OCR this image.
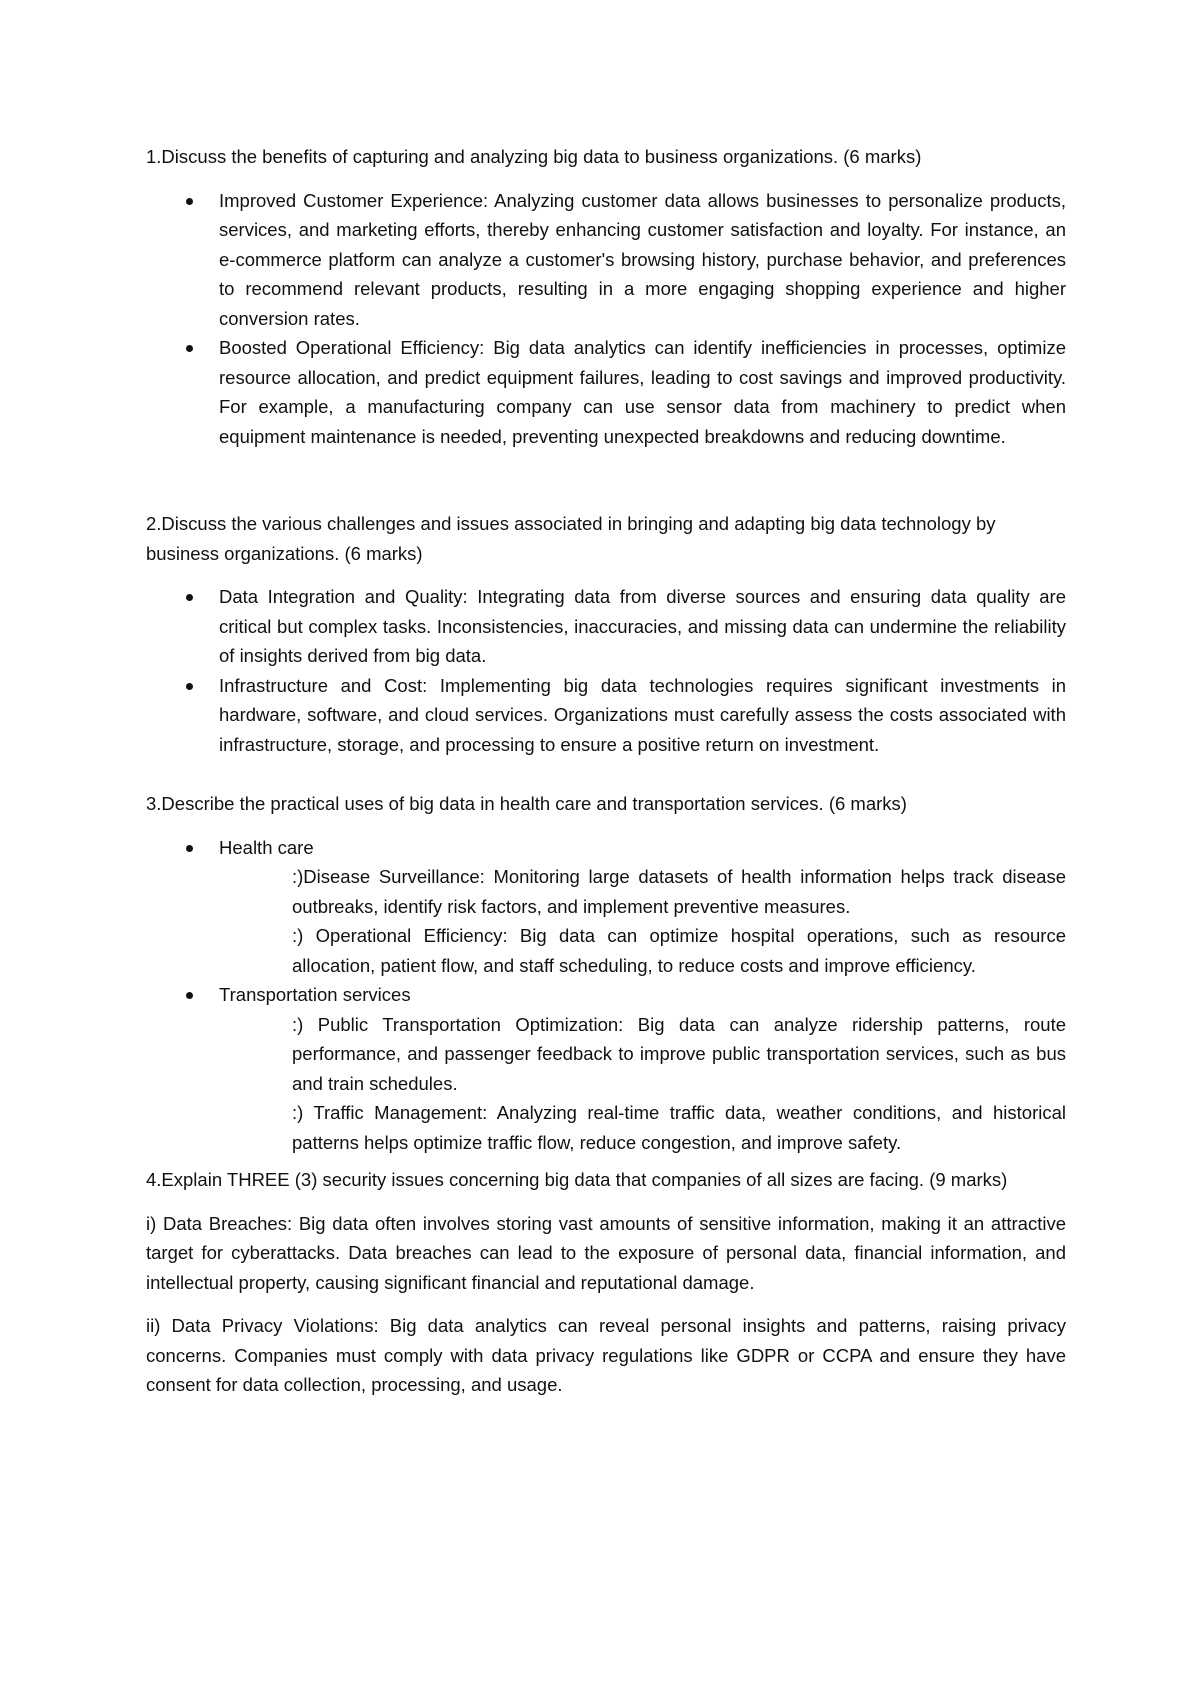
1.Discuss the benefits of capturing and analyzing big data to business organizations. (6 marks)

Improved Customer Experience: Analyzing customer data allows businesses to personalize products, services, and marketing efforts, thereby enhancing customer satisfaction and loyalty. For instance, an e-commerce platform can analyze a customer's browsing history, purchase behavior, and preferences to recommend relevant products, resulting in a more engaging shopping experience and higher conversion rates.
Boosted Operational Efficiency: Big data analytics can identify inefficiencies in processes, optimize resource allocation, and predict equipment failures, leading to cost savings and improved productivity. For example, a manufacturing company can use sensor data from machinery to predict when equipment maintenance is needed, preventing unexpected breakdowns and reducing downtime.

2.Discuss the various challenges and issues associated in bringing and adapting big data technology by business organizations. (6 marks)

Data Integration and Quality: Integrating data from diverse sources and ensuring data quality are critical but complex tasks. Inconsistencies, inaccuracies, and missing data can undermine the reliability of insights derived from big data.
Infrastructure and Cost: Implementing big data technologies requires significant investments in hardware, software, and cloud services. Organizations must carefully assess the costs associated with infrastructure, storage, and processing to ensure a positive return on investment.

3.Describe the practical uses of big data in health care and transportation services. (6 marks)

Health care
:)Disease Surveillance: Monitoring large datasets of health information helps track disease outbreaks, identify risk factors, and implement preventive measures.
:) Operational Efficiency: Big data can optimize hospital operations, such as resource allocation, patient flow, and staff scheduling, to reduce costs and improve efficiency.
Transportation services
:) Public Transportation Optimization: Big data can analyze ridership patterns, route performance, and passenger feedback to improve public transportation services, such as bus and train schedules.
:) Traffic Management: Analyzing real-time traffic data, weather conditions, and historical patterns helps optimize traffic flow, reduce congestion, and improve safety.

4.Explain THREE (3) security issues concerning big data that companies of all sizes are facing. (9 marks)

i) Data Breaches: Big data often involves storing vast amounts of sensitive information, making it an attractive target for cyberattacks. Data breaches can lead to the exposure of personal data, financial information, and intellectual property, causing significant financial and reputational damage.

ii) Data Privacy Violations: Big data analytics can reveal personal insights and patterns, raising privacy concerns. Companies must comply with data privacy regulations like GDPR or CCPA and ensure they have consent for data collection, processing, and usage.
